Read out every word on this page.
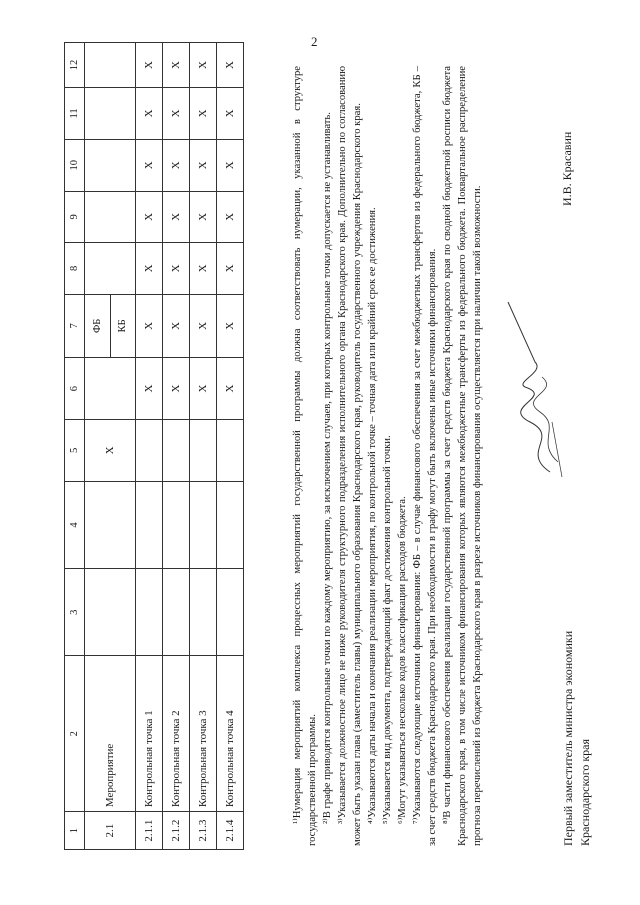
2
1	2	3	4	5	6	7	8	9	10	11	12
2.1	Мероприятие			X		ФБ КБ					

2.1.1	Контрольная точка 1				X	X	X	X	X	X	X
2.1.2	Контрольная точка 2				X	X	X	X	X	X	X
2.1.3	Контрольная точка 3				X	X	X	X	X	X	X
2.1.4	Контрольная точка 4				X	X	X	X	X	X	X

¹⁾Нумерация мероприятий комплекса процессных мероприятий государственной программы должна соответствовать нумерации, указанной в структуре государственной программы. ²⁾В графе приводятся контрольные точки по каждому мероприятию, за исключением случаев, при которых контрольные точки допускается не устанавливать. ³⁾Указывается должностное лицо не ниже руководителя структурного подразделения исполнительного органа Краснодарского края. Дополнительно по согласованию может быть указан глава (заместитель главы) муниципального образования Краснодарского края, руководитель государственного учреждения Краснодарского края. ⁴⁾Указываются даты начала и окончания реализации мероприятия, по контрольной точке – точная дата или крайний срок ее достижения. ⁵⁾Указывается вид документа, подтверждающий факт достижения контрольной точки. ⁶⁾Могут указываться несколько кодов классификации расходов бюджета. ⁷⁾Указываются следующие источники финансирования: ФБ – в случае финансового обеспечения за счет межбюджетных трансфертов из федерального бюджета, КБ – за счет средств бюджета Краснодарского края. При необходимости в графу могут быть включены иные источники финансирования. ⁸⁾В части финансового обеспечения реализации государственной программы за счет средств бюджета Краснодарского края по сводной бюджетной росписи бюджета Краснодарского края, в том числе источником финансирования которых являются межбюджетные трансферты из федерального бюджета. Поквартальное распределение прогноза перечислений из бюджета Краснодарского края в разрезе источников финансирования осуществляется при наличии такой возможности.	Первый заместитель министра экономики Краснодарского края
И.В. Красавин
